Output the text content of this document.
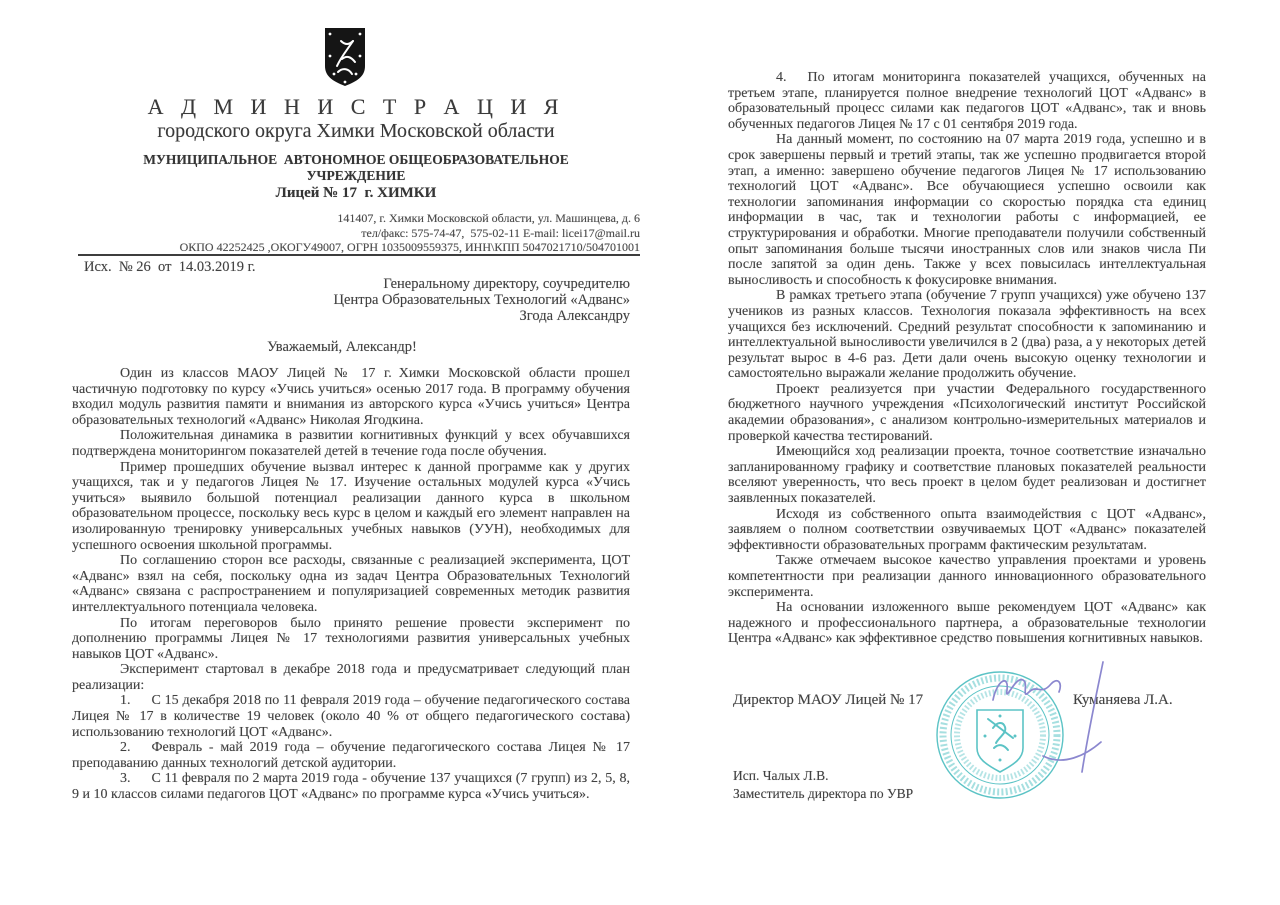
А Д М И Н И С Т Р А Ц И Я
городского округа Химки Московской области
МУНИЦИПАЛЬНОЕ АВТОНОМНОЕ ОБЩЕОБРАЗОВАТЕЛЬНОЕ
УЧРЕЖДЕНИЕ
Лицей № 17 г. ХИМКИ
141407, г. Химки Московской области, ул. Машинцева, д. 6
тел/факс: 575-74-47, 575-02-11 E-mail: licei17@mail.ru
ОКПО 42252425 ,ОКОГУ49007, ОГРН 1035009559375, ИНН\КПП 5047021710/504701001
Исх. № 26 от 14.03.2019 г.
Генеральному директору, соучредителю
Центра Образовательных Технологий «Адванс»
Згода Александру
Уважаемый, Александр!

Один из классов МАОУ Лицей № 17 г. Химки Московской области прошел частичную подготовку по курсу «Учись учиться» осенью 2017 года. В программу обучения входил модуль развития памяти и внимания из авторского курса «Учись учиться» Центра образовательных технологий «Адванс» Николая Ягодкина.

Положительная динамика в развитии когнитивных функций у всех обучавшихся подтверждена мониторингом показателей детей в течение года после обучения.

Пример прошедших обучение вызвал интерес к данной программе как у других учащихся, так и у педагогов Лицея № 17. Изучение остальных модулей курса «Учись учиться» выявило большой потенциал реализации данного курса в школьном образовательном процессе, поскольку весь курс в целом и каждый его элемент направлен на изолированную тренировку универсальных учебных навыков (УУН), необходимых для успешного освоения школьной программы.

По соглашению сторон все расходы, связанные с реализацией эксперимента, ЦОТ «Адванс» взял на себя, поскольку одна из задач Центра Образовательных Технологий «Адванс» связана с распространением и популяризацией современных методик развития интеллектуального потенциала человека.

По итогам переговоров было принято решение провести эксперимент по дополнению программы Лицея № 17 технологиями развития универсальных учебных навыков ЦОТ «Адванс».

Эксперимент стартовал в декабре 2018 года и предусматривает следующий план реализации:

1.  С 15 декабря 2018 по 11 февраля 2019 года – обучение педагогического состава Лицея № 17 в количестве 19 человек (около 40 % от общего педагогического состава) использованию технологий ЦОТ «Адванс».

2.  Февраль - май 2019 года – обучение педагогического состава Лицея № 17 преподаванию данных технологий детской аудитории.

3.  С 11 февраля по 2 марта 2019 года - обучение 137 учащихся (7 групп) из 2, 5, 8, 9 и 10 классов силами педагогов ЦОТ «Адванс» по программе курса «Учись учиться».

4.  По итогам мониторинга показателей учащихся, обученных на третьем этапе, планируется полное внедрение технологий ЦОТ «Адванс» в образовательный процесс силами как педагогов ЦОТ «Адванс», так и вновь обученных педагогов Лицея № 17 с 01 сентября 2019 года.

На данный момент, по состоянию на 07 марта 2019 года, успешно и в срок завершены первый и третий этапы, так же успешно продвигается второй этап, а именно: завершено обучение педагогов Лицея № 17 использованию технологий ЦОТ «Адванс». Все обучающиеся успешно освоили как технологии запоминания информации со скоростью порядка ста единиц информации в час, так и технологии работы с информацией, ее структурирования и обработки. Многие преподаватели получили собственный опыт запоминания больше тысячи иностранных слов или знаков числа Пи после запятой за один день. Также у всех повысилась интеллектуальная выносливость и способность к фокусировке внимания.

В рамках третьего этапа (обучение 7 групп учащихся) уже обучено 137 учеников из разных классов. Технология показала эффективность на всех учащихся без исключений. Средний результат способности к запоминанию и интеллектуальной выносливости увеличился в 2 (два) раза, а у некоторых детей результат вырос в 4-6 раз. Дети дали очень высокую оценку технологии и самостоятельно выражали желание продолжить обучение.

Проект реализуется при участии Федерального государственного бюджетного научного учреждения «Психологический институт Российской академии образования», с анализом контрольно-измерительных материалов и проверкой качества тестирований.

Имеющийся ход реализации проекта, точное соответствие изначально запланированному графику и соответствие плановых показателей реальности вселяют уверенность, что весь проект в целом будет реализован и достигнет заявленных показателей.

Исходя из собственного опыта взаимодействия с ЦОТ «Адванс», заявляем о полном соответствии озвучиваемых ЦОТ «Адванс» показателей эффективности образовательных программ фактическим результатам.

Также отмечаем высокое качество управления проектами и уровень компетентности при реализации данного инновационного образовательного эксперимента.

На основании изложенного выше рекомендуем ЦОТ «Адванс» как надежного и профессионального партнера, а образовательные технологии Центра «Адванс» как эффективное средство повышения когнитивных навыков.

Директор МАОУ Лицей № 17	Куманяева Л.А.

Исп. Чалых Л.В.

Заместитель директора по УВР
